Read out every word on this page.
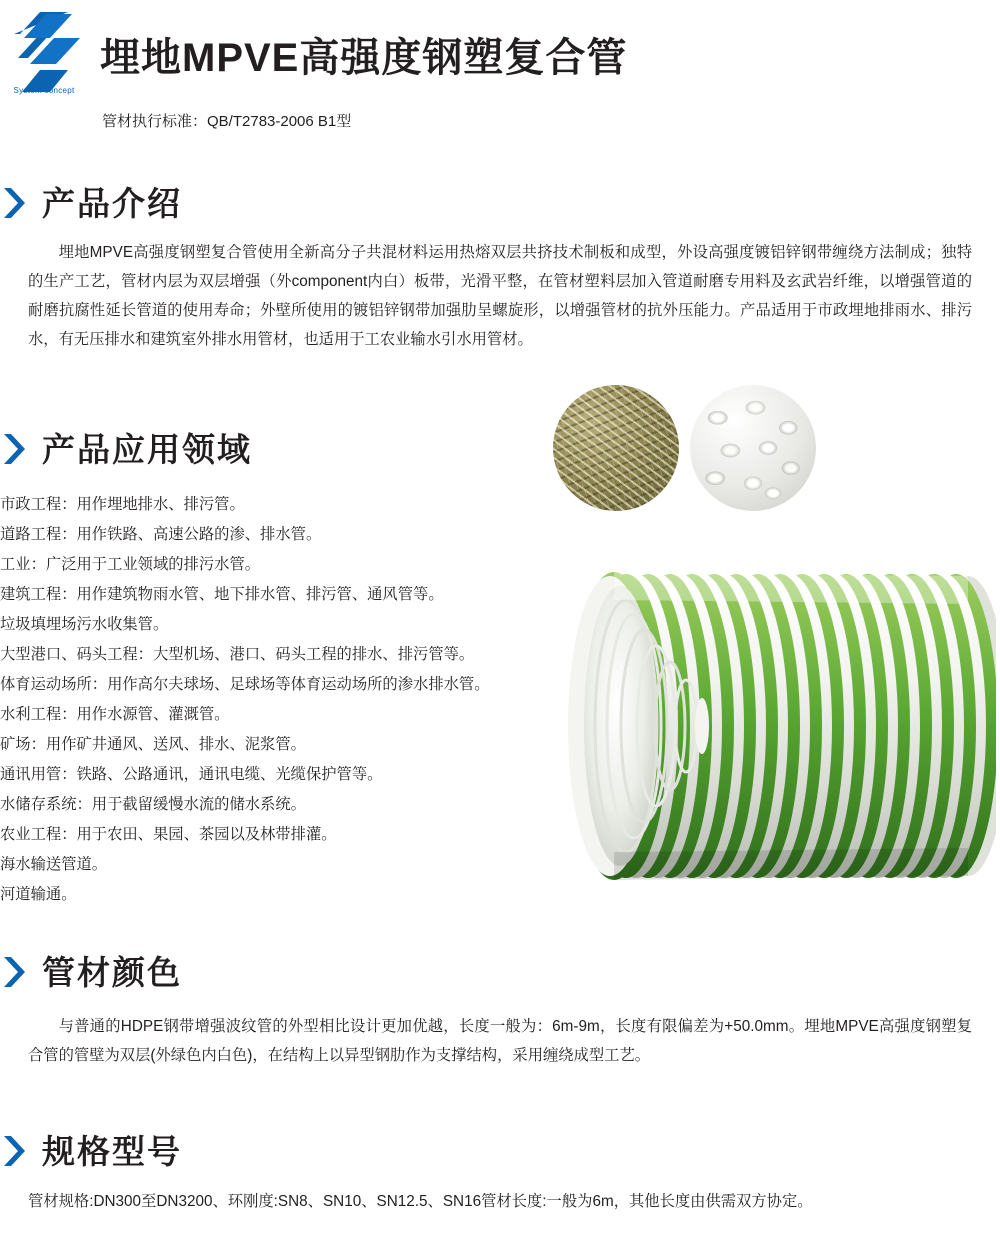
System concept
埋地MPVE高强度钢塑复合管
管材执行标准：QB/T2783-2006 B1型
产品介绍
埋地MPVE高强度钢塑复合管使用全新高分子共混材料运用热熔双层共挤技术制板和成型，外设高强度镀铝锌钢带缠绕方法制成；独特的生产工艺，管材内层为双层增强（外component内白）板带，光滑平整，在管材塑料层加入管道耐磨专用料及玄武岩纤维，以增强管道的耐磨抗腐性延长管道的使用寿命；外壁所使用的镀铝锌钢带加强肋呈螺旋形，以增强管材的抗外压能力。产品适用于市政埋地排雨水、排污水，有无压排水和建筑室外排水用管材，也适用于工农业输水引水用管材。
产品应用领域
市政工程：用作埋地排水、排污管。
道路工程：用作铁路、高速公路的渗、排水管。
工业：广泛用于工业领域的排污水管。
建筑工程：用作建筑物雨水管、地下排水管、排污管、通风管等。
垃圾填埋场污水收集管。
大型港口、码头工程：大型机场、港口、码头工程的排水、排污管等。
体育运动场所：用作高尔夫球场、足球场等体育运动场所的渗水排水管。
水利工程：用作水源管、灌溉管。
矿场：用作矿井通风、送风、排水、泥浆管。
通讯用管：铁路、公路通讯，通讯电缆、光缆保护管等。
水储存系统：用于截留缓慢水流的储水系统。
农业工程：用于农田、果园、茶园以及林带排灌。
海水输送管道。
河道输通。
管材颜色
与普通的HDPE钢带增强波纹管的外型相比设计更加优越，长度一般为：6m-9m，长度有限偏差为+50.0mm。埋地MPVE高强度钢塑复合管的管壁为双层(外绿色内白色)，在结构上以异型钢肋作为支撑结构，采用缠绕成型工艺。
规格型号
管材规格:DN300至DN3200、环刚度:SN8、SN10、SN12.5、SN16管材长度:一般为6m，其他长度由供需双方协定。
